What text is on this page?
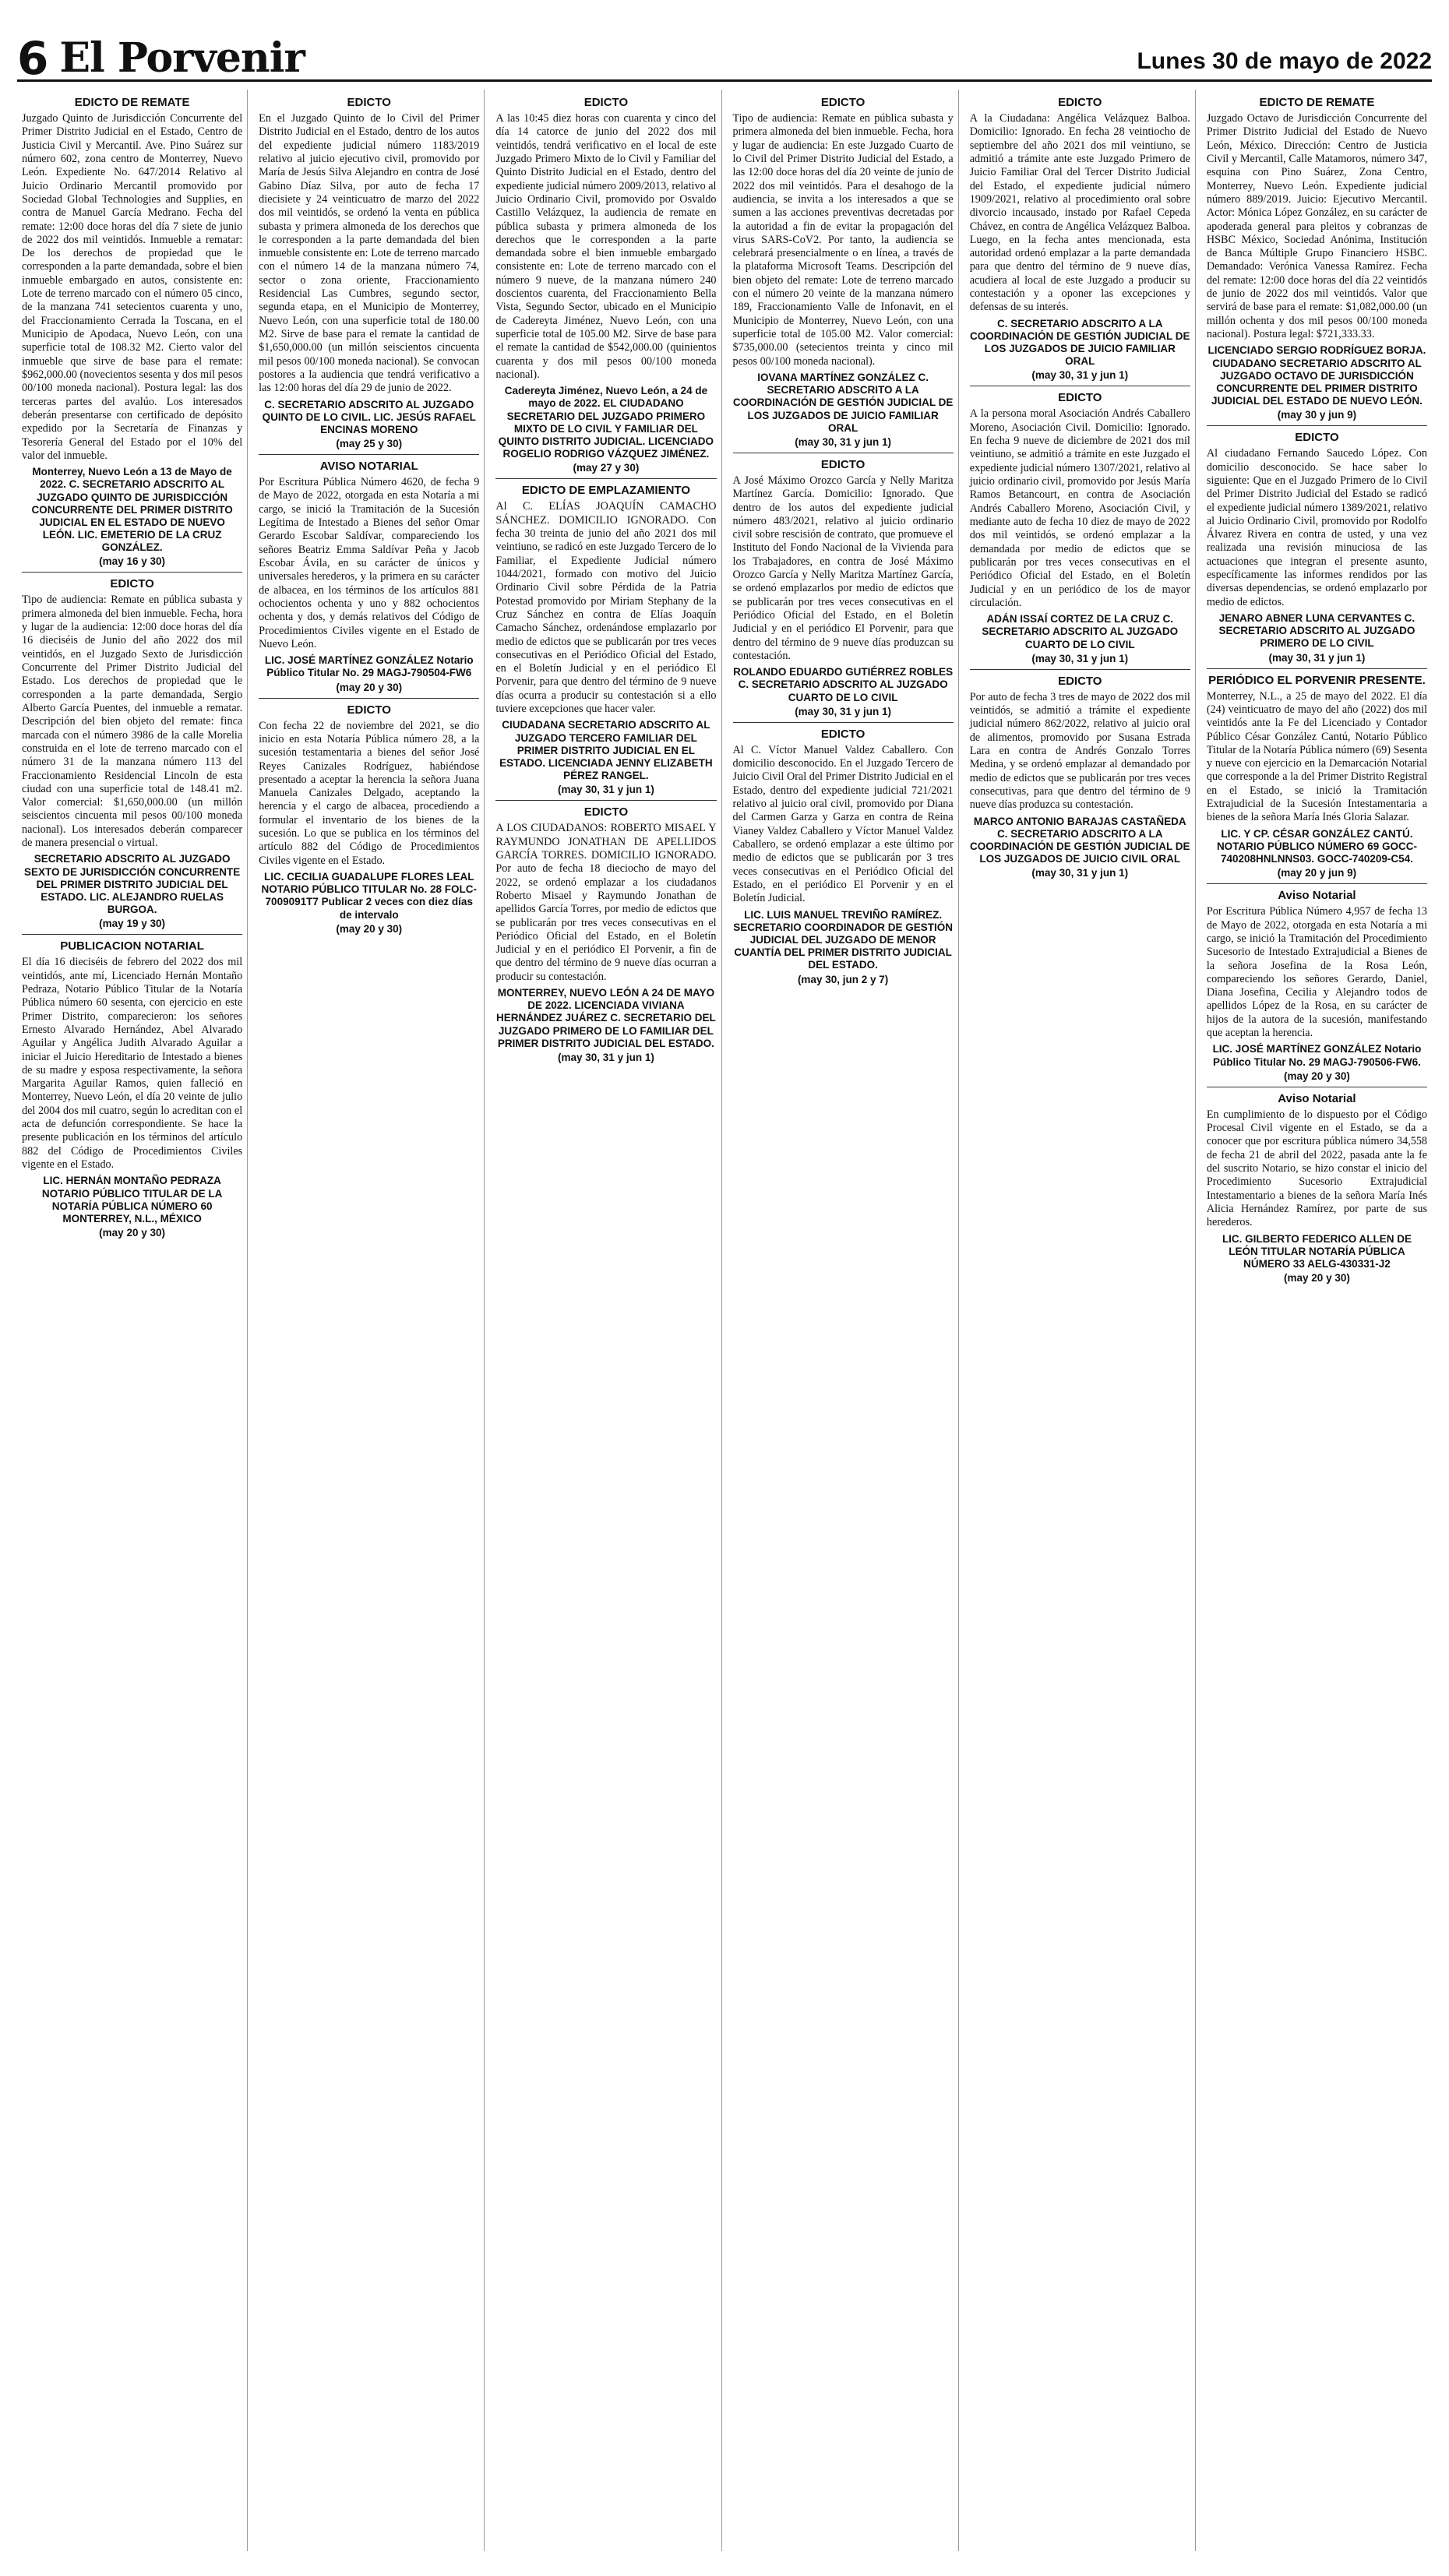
6 El Porvenir	Lunes 30 de mayo de 2022
EDICTO DE REMATE

Juzgado Quinto de Jurisdicción Concurrente del Primer Distrito Judicial en el Estado, Centro de Justicia Civil y Mercantil. Ave. Pino Suárez sur número 602, zona centro de Monterrey, Nuevo León. Expediente No. 647/2014 Relativo al Juicio Ordinario Mercantil promovido por Sociedad Global Technologies and Supplies, en contra de Manuel García Medrano. Fecha del remate: 12:00 doce horas del día 7 siete de junio de 2022 dos mil veintidós. Inmueble a rematar: De los derechos de propiedad que le corresponden a la parte demandada, sobre el bien inmueble embargado en autos, consistente en: Lote de terreno marcado con el número 05 cinco, de la manzana 741 setecientos cuarenta y uno, del Fraccionamiento Cerrada la Toscana, en el Municipio de Apodaca, Nuevo León, con una superficie total de 108.32 M2. Cierto valor del inmueble que sirve de base para el remate: $962,000.00 (novecientos sesenta y dos mil pesos 00/100 moneda nacional). Postura legal: las dos terceras partes del avalúo. Los interesados deberán presentarse con certificado de depósito expedido por la Secretaría de Finanzas y Tesorería General del Estado por el 10% del valor del inmueble.

Monterrey, Nuevo León a 13 de Mayo de 2022. C. SECRETARIO ADSCRITO AL JUZGADO QUINTO DE JURISDICCIÓN CONCURRENTE DEL PRIMER DISTRITO JUDICIAL EN EL ESTADO DE NUEVO LEÓN. LIC. EMETERIO DE LA CRUZ GONZÁLEZ.
(may 16 y 30)
EDICTO

Tipo de audiencia: Remate en pública subasta y primera almoneda del bien inmueble. Fecha, hora y lugar de la audiencia: 12:00 doce horas del día 16 dieciséis de Junio del año 2022 dos mil veintidós, en el Juzgado Sexto de Jurisdicción Concurrente del Primer Distrito Judicial del Estado. Los derechos de propiedad que le corresponden a la parte demandada, Sergio Alberto García Puentes, del inmueble a rematar. Descripción del bien objeto del remate: finca marcada con el número 3986 de la calle Morelia construida en el lote de terreno marcado con el número 31 de la manzana número 113 del Fraccionamiento Residencial Lincoln de esta ciudad con una superficie total de 148.41 m2. Valor comercial: $1,650,000.00 (un millón seiscientos cincuenta mil pesos 00/100 moneda nacional). Los interesados deberán comparecer de manera presencial o virtual.

SECRETARIO ADSCRITO AL JUZGADO SEXTO DE JURISDICCIÓN CONCURRENTE DEL PRIMER DISTRITO JUDICIAL DEL ESTADO. LIC. ALEJANDRO RUELAS BURGOA.
(may 19 y 30)
PUBLICACION NOTARIAL

El día 16 dieciséis de febrero del 2022 dos mil veintidós, ante mí, Licenciado Hernán Montaño Pedraza, Notario Público Titular de la Notaría Pública número 60 sesenta, con ejercicio en este Primer Distrito, comparecieron: los señores Ernesto Alvarado Hernández, Abel Alvarado Aguilar y Angélica Judith Alvarado Aguilar a iniciar el Juicio Hereditario de Intestado a bienes de su madre y esposa respectivamente, la señora Margarita Aguilar Ramos, quien falleció en Monterrey, Nuevo León, el día 20 veinte de julio del 2004 dos mil cuatro, según lo acreditan con el acta de defunción correspondiente. Se hace la presente publicación en los términos del artículo 882 del Código de Procedimientos Civiles vigente en el Estado.

LIC. HERNÁN MONTAÑO PEDRAZA NOTARIO PÚBLICO TITULAR DE LA NOTARÍA PÚBLICA NÚMERO 60 MONTERREY, N.L., MÉXICO
(may 20 y 30)
EDICTO

En el Juzgado Quinto de lo Civil del Primer Distrito Judicial en el Estado, dentro de los autos del expediente judicial número 1183/2019 relativo al juicio ejecutivo civil, promovido por María de Jesús Silva Alejandro en contra de José Gabino Díaz Silva, por auto de fecha 17 diecisiete y 24 veinticuatro de marzo del 2022 dos mil veintidós, se ordenó la venta en pública subasta y primera almoneda de los derechos que le corresponden a la parte demandada del bien inmueble consistente en: Lote de terreno marcado con el número 14 de la manzana número 74, sector o zona oriente, Fraccionamiento Residencial Las Cumbres, segundo sector, segunda etapa, en el Municipio de Monterrey, Nuevo León, con una superficie total de 180.00 M2. Sirve de base para el remate la cantidad de $1,650,000.00 (un millón seiscientos cincuenta mil pesos 00/100 moneda nacional). Se convocan postores a la audiencia que tendrá verificativo a las 12:00 horas del día 29 de junio de 2022.

C. SECRETARIO ADSCRITO AL JUZGADO QUINTO DE LO CIVIL. LIC. JESÚS RAFAEL ENCINAS MORENO
(may 25 y 30)
AVISO NOTARIAL

Por Escritura Pública Número 4620, de fecha 9 de Mayo de 2022, otorgada en esta Notaría a mi cargo, se inició la Tramitación de la Sucesión Legítima de Intestado a Bienes del señor Omar Gerardo Escobar Saldívar, compareciendo los señores Beatriz Emma Saldívar Peña y Jacob Escobar Ávila, en su carácter de únicos y universales herederos, y la primera en su carácter de albacea, en los términos de los artículos 881 ochocientos ochenta y uno y 882 ochocientos ochenta y dos, y demás relativos del Código de Procedimientos Civiles vigente en el Estado de Nuevo León.

LIC. JOSÉ MARTÍNEZ GONZÁLEZ Notario Público Titular No. 29 MAGJ-790504-FW6
(may 20 y 30)
EDICTO

Con fecha 22 de noviembre del 2021, se dio inicio en esta Notaría Pública número 28, a la sucesión testamentaria a bienes del señor José Reyes Canizales Rodríguez, habiéndose presentado a aceptar la herencia la señora Juana Manuela Canizales Delgado, aceptando la herencia y el cargo de albacea, procediendo a formular el inventario de los bienes de la sucesión. Lo que se publica en los términos del artículo 882 del Código de Procedimientos Civiles vigente en el Estado.

LIC. CECILIA GUADALUPE FLORES LEAL NOTARIO PÚBLICO TITULAR No. 28 FOLC-7009091T7 Publicar 2 veces con diez días de intervalo
(may 20 y 30)
EDICTO

A las 10:45 diez horas con cuarenta y cinco del día 14 catorce de junio del 2022 dos mil veintidós, tendrá verificativo en el local de este Juzgado Primero Mixto de lo Civil y Familiar del Quinto Distrito Judicial en el Estado, dentro del expediente judicial número 2009/2013, relativo al Juicio Ordinario Civil, promovido por Osvaldo Castillo Velázquez, la audiencia de remate en pública subasta y primera almoneda de los derechos que le corresponden a la parte demandada sobre el bien inmueble embargado consistente en: Lote de terreno marcado con el número 9 nueve, de la manzana número 240 doscientos cuarenta, del Fraccionamiento Bella Vista, Segundo Sector, ubicado en el Municipio de Cadereyta Jiménez, Nuevo León, con una superficie total de 105.00 M2. Sirve de base para el remate la cantidad de $542,000.00 (quinientos cuarenta y dos mil pesos 00/100 moneda nacional).

Cadereyta Jiménez, Nuevo León, a 24 de mayo de 2022. EL CIUDADANO SECRETARIO DEL JUZGADO PRIMERO MIXTO DE LO CIVIL Y FAMILIAR DEL QUINTO DISTRITO JUDICIAL. LICENCIADO ROGELIO RODRIGO VÁZQUEZ JIMÉNEZ.
(may 27 y 30)
EDICTO DE EMPLAZAMIENTO

Al C. ELÍAS JOAQUÍN CAMACHO SÁNCHEZ. DOMICILIO IGNORADO. Con fecha 30 treinta de junio del año 2021 dos mil veintiuno, se radicó en este Juzgado Tercero de lo Familiar, el Expediente Judicial número 1044/2021, formado con motivo del Juicio Ordinario Civil sobre Pérdida de la Patria Potestad promovido por Miriam Stephany de la Cruz Sánchez en contra de Elías Joaquín Camacho Sánchez, ordenándose emplazarlo por medio de edictos que se publicarán por tres veces consecutivas en el Periódico Oficial del Estado, en el Boletín Judicial y en el periódico El Porvenir, para que dentro del término de 9 nueve días ocurra a producir su contestación si a ello tuviere excepciones que hacer valer.

CIUDADANA SECRETARIO ADSCRITO AL JUZGADO TERCERO FAMILIAR DEL PRIMER DISTRITO JUDICIAL EN EL ESTADO. LICENCIADA JENNY ELIZABETH PÉREZ RANGEL.
(may 30, 31 y jun 1)
EDICTO

A LOS CIUDADANOS: ROBERTO MISAEL Y RAYMUNDO JONATHAN DE APELLIDOS GARCÍA TORRES. DOMICILIO IGNORADO. Por auto de fecha 18 dieciocho de mayo del 2022, se ordenó emplazar a los ciudadanos Roberto Misael y Raymundo Jonathan de apellidos García Torres, por medio de edictos que se publicarán por tres veces consecutivas en el Periódico Oficial del Estado, en el Boletín Judicial y en el periódico El Porvenir, a fin de que dentro del término de 9 nueve días ocurran a producir su contestación.

MONTERREY, NUEVO LEÓN A 24 DE MAYO DE 2022. LICENCIADA VIVIANA HERNÁNDEZ JUÁREZ C. SECRETARIO DEL JUZGADO PRIMERO DE LO FAMILIAR DEL PRIMER DISTRITO JUDICIAL DEL ESTADO.
(may 30, 31 y jun 1)
EDICTO

Tipo de audiencia: Remate en pública subasta y primera almoneda del bien inmueble. Fecha, hora y lugar de audiencia: En este Juzgado Cuarto de lo Civil del Primer Distrito Judicial del Estado, a las 12:00 doce horas del día 20 veinte de junio de 2022 dos mil veintidós. Para el desahogo de la audiencia, se invita a los interesados a que se sumen a las acciones preventivas decretadas por la autoridad a fin de evitar la propagación del virus SARS-CoV2. Por tanto, la audiencia se celebrará presencialmente o en línea, a través de la plataforma Microsoft Teams. Descripción del bien objeto del remate: Lote de terreno marcado con el número 20 veinte de la manzana número 189, Fraccionamiento Valle de Infonavit, en el Municipio de Monterrey, Nuevo León, con una superficie total de 105.00 M2. Valor comercial: $735,000.00 (setecientos treinta y cinco mil pesos 00/100 moneda nacional).

IOVANA MARTÍNEZ GONZÁLEZ C. SECRETARIO ADSCRITO A LA COORDINACIÓN DE GESTIÓN JUDICIAL DE LOS JUZGADOS DE JUICIO FAMILIAR ORAL
(may 30, 31 y jun 1)
EDICTO

A José Máximo Orozco García y Nelly Maritza Martínez García. Domicilio: Ignorado. Que dentro de los autos del expediente judicial número 483/2021, relativo al juicio ordinario civil sobre rescisión de contrato, que promueve el Instituto del Fondo Nacional de la Vivienda para los Trabajadores, en contra de José Máximo Orozco García y Nelly Maritza Martínez García, se ordenó emplazarlos por medio de edictos que se publicarán por tres veces consecutivas en el Periódico Oficial del Estado, en el Boletín Judicial y en el periódico El Porvenir, para que dentro del término de 9 nueve días produzcan su contestación.

ROLANDO EDUARDO GUTIÉRREZ ROBLES C. SECRETARIO ADSCRITO AL JUZGADO CUARTO DE LO CIVIL
(may 30, 31 y jun 1)
EDICTO

Al C. Víctor Manuel Valdez Caballero. Con domicilio desconocido. En el Juzgado Tercero de Juicio Civil Oral del Primer Distrito Judicial en el Estado, dentro del expediente judicial 721/2021 relativo al juicio oral civil, promovido por Diana del Carmen Garza y Garza en contra de Reina Vianey Valdez Caballero y Víctor Manuel Valdez Caballero, se ordenó emplazar a este último por medio de edictos que se publicarán por 3 tres veces consecutivas en el Periódico Oficial del Estado, en el periódico El Porvenir y en el Boletín Judicial.

LIC. LUIS MANUEL TREVIÑO RAMÍREZ. SECRETARIO COORDINADOR DE GESTIÓN JUDICIAL DEL JUZGADO DE MENOR CUANTÍA DEL PRIMER DISTRITO JUDICIAL DEL ESTADO.
(may 30, jun 2 y 7)
EDICTO

A la Ciudadana: Angélica Velázquez Balboa. Domicilio: Ignorado. En fecha 28 veintiocho de septiembre del año 2021 dos mil veintiuno, se admitió a trámite ante este Juzgado Primero de Juicio Familiar Oral del Tercer Distrito Judicial del Estado, el expediente judicial número 1909/2021, relativo al procedimiento oral sobre divorcio incausado, instado por Rafael Cepeda Chávez, en contra de Angélica Velázquez Balboa. Luego, en la fecha antes mencionada, esta autoridad ordenó emplazar a la parte demandada para que dentro del término de 9 nueve días, acudiera al local de este Juzgado a producir su contestación y a oponer las excepciones y defensas de su interés.

C. SECRETARIO ADSCRITO A LA COORDINACIÓN DE GESTIÓN JUDICIAL DE LOS JUZGADOS DE JUICIO FAMILIAR ORAL
(may 30, 31 y jun 1)
EDICTO

A la persona moral Asociación Andrés Caballero Moreno, Asociación Civil. Domicilio: Ignorado. En fecha 9 nueve de diciembre de 2021 dos mil veintiuno, se admitió a trámite en este Juzgado el expediente judicial número 1307/2021, relativo al juicio ordinario civil, promovido por Jesús María Ramos Betancourt, en contra de Asociación Andrés Caballero Moreno, Asociación Civil, y mediante auto de fecha 10 diez de mayo de 2022 dos mil veintidós, se ordenó emplazar a la demandada por medio de edictos que se publicarán por tres veces consecutivas en el Periódico Oficial del Estado, en el Boletín Judicial y en un periódico de los de mayor circulación.

ADÁN ISSAÍ CORTEZ DE LA CRUZ C. SECRETARIO ADSCRITO AL JUZGADO CUARTO DE LO CIVIL
(may 30, 31 y jun 1)
EDICTO

Por auto de fecha 3 tres de mayo de 2022 dos mil veintidós, se admitió a trámite el expediente judicial número 862/2022, relativo al juicio oral de alimentos, promovido por Susana Estrada Lara en contra de Andrés Gonzalo Torres Medina, y se ordenó emplazar al demandado por medio de edictos que se publicarán por tres veces consecutivas, para que dentro del término de 9 nueve días produzca su contestación.

MARCO ANTONIO BARAJAS CASTAÑEDA C. SECRETARIO ADSCRITO A LA COORDINACIÓN DE GESTIÓN JUDICIAL DE LOS JUZGADOS DE JUICIO CIVIL ORAL
(may 30, 31 y jun 1)
EDICTO DE REMATE

Juzgado Octavo de Jurisdicción Concurrente del Primer Distrito Judicial del Estado de Nuevo León, México. Dirección: Centro de Justicia Civil y Mercantil, Calle Matamoros, número 347, esquina con Pino Suárez, Zona Centro, Monterrey, Nuevo León. Expediente judicial número 889/2019. Juicio: Ejecutivo Mercantil. Actor: Mónica López González, en su carácter de apoderada general para pleitos y cobranzas de HSBC México, Sociedad Anónima, Institución de Banca Múltiple Grupo Financiero HSBC. Demandado: Verónica Vanessa Ramírez. Fecha del remate: 12:00 doce horas del día 22 veintidós de junio de 2022 dos mil veintidós. Valor que servirá de base para el remate: $1,082,000.00 (un millón ochenta y dos mil pesos 00/100 moneda nacional). Postura legal: $721,333.33.

LICENCIADO SERGIO RODRÍGUEZ BORJA. CIUDADANO SECRETARIO ADSCRITO AL JUZGADO OCTAVO DE JURISDICCIÓN CONCURRENTE DEL PRIMER DISTRITO JUDICIAL DEL ESTADO DE NUEVO LEÓN.
(may 30 y jun 9)
EDICTO

Al ciudadano Fernando Saucedo López. Con domicilio desconocido. Se hace saber lo siguiente: Que en el Juzgado Primero de lo Civil del Primer Distrito Judicial del Estado se radicó el expediente judicial número 1389/2021, relativo al Juicio Ordinario Civil, promovido por Rodolfo Álvarez Rivera en contra de usted, y una vez realizada una revisión minuciosa de las actuaciones que integran el presente asunto, específicamente las informes rendidos por las diversas dependencias, se ordenó emplazarlo por medio de edictos.

JENARO ABNER LUNA CERVANTES C. SECRETARIO ADSCRITO AL JUZGADO PRIMERO DE LO CIVIL
(may 30, 31 y jun 1)
PERIÓDICO EL PORVENIR PRESENTE.

Monterrey, N.L., a 25 de mayo del 2022. El día (24) veinticuatro de mayo del año (2022) dos mil veintidós ante la Fe del Licenciado y Contador Público César González Cantú, Notario Público Titular de la Notaría Pública número (69) Sesenta y nueve con ejercicio en la Demarcación Notarial que corresponde a la del Primer Distrito Registral en el Estado, se inició la Tramitación Extrajudicial de la Sucesión Intestamentaria a bienes de la señora María Inés Gloria Salazar.

LIC. Y CP. CÉSAR GONZÁLEZ CANTÚ. NOTARIO PÚBLICO NÚMERO 69 GOCC-740208HNLNNS03. GOCC-740209-C54.
(may 20 y jun 9)
Aviso Notarial

Por Escritura Pública Número 4,957 de fecha 13 de Mayo de 2022, otorgada en esta Notaría a mi cargo, se inició la Tramitación del Procedimiento Sucesorio de Intestado Extrajudicial a Bienes de la señora Josefina de la Rosa León, compareciendo los señores Gerardo, Daniel, Diana Josefina, Cecilia y Alejandro todos de apellidos López de la Rosa, en su carácter de hijos de la autora de la sucesión, manifestando que aceptan la herencia.

LIC. JOSÉ MARTÍNEZ GONZÁLEZ Notario Público Titular No. 29 MAGJ-790506-FW6.
(may 20 y 30)
Aviso Notarial

En cumplimiento de lo dispuesto por el Código Procesal Civil vigente en el Estado, se da a conocer que por escritura pública número 34,558 de fecha 21 de abril del 2022, pasada ante la fe del suscrito Notario, se hizo constar el inicio del Procedimiento Sucesorio Extrajudicial Intestamentario a bienes de la señora María Inés Alicia Hernández Ramírez, por parte de sus herederos.

LIC. GILBERTO FEDERICO ALLEN DE LEÓN TITULAR NOTARÍA PÚBLICA NÚMERO 33 AELG-430331-J2
(may 20 y 30)
